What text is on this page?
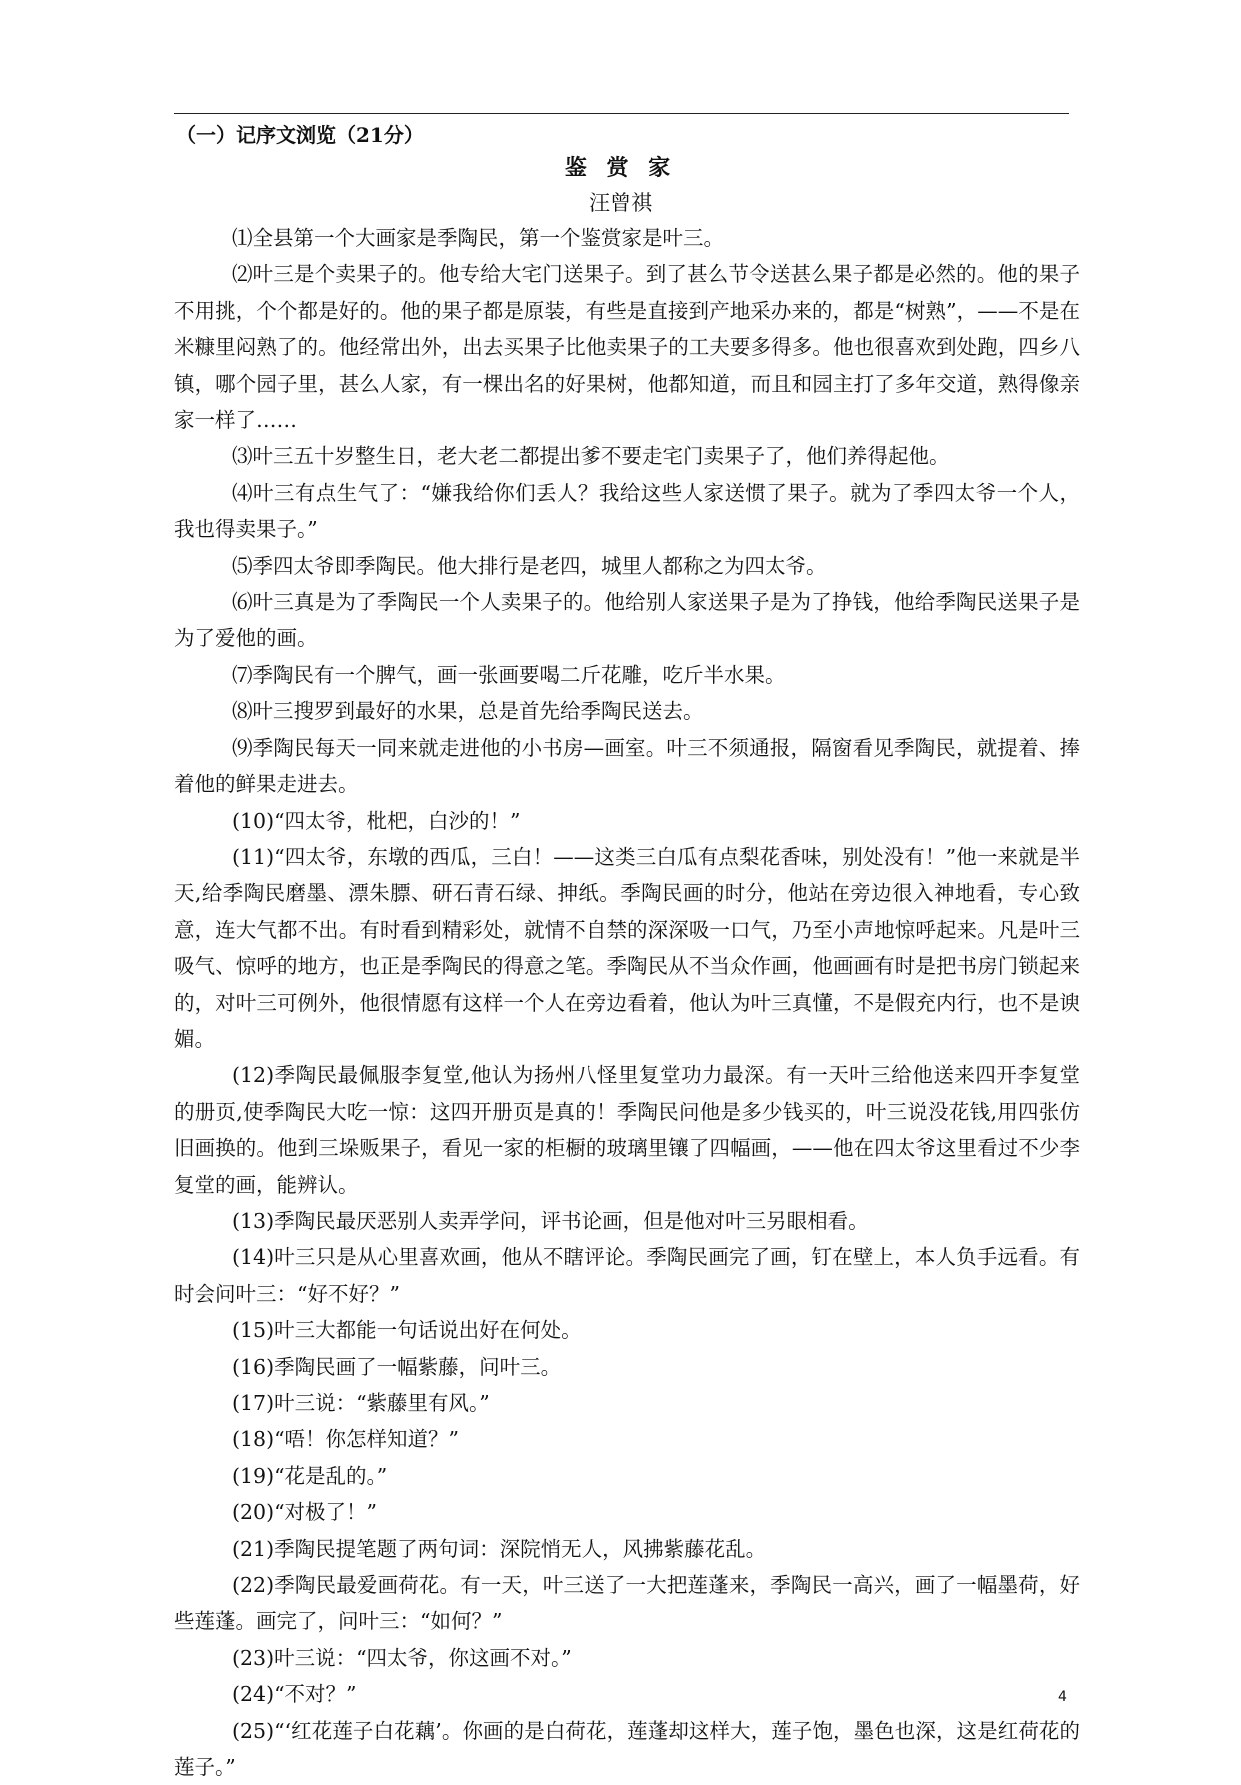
（一）记序文浏览（21分）
鉴 赏 家
汪曾祺

⑴全县第一个大画家是季陶民，第一个鉴赏家是叶三。

⑵叶三是个卖果子的。他专给大宅门送果子。到了甚么节令送甚么果子都是必然的。他的果子不用挑，个个都是好的。他的果子都是原装，有些是直接到产地采办来的，都是“树熟”，——不是在米糠里闷熟了的。他经常出外，出去买果子比他卖果子的工夫要多得多。他也很喜欢到处跑，四乡八镇，哪个园子里，甚么人家，有一棵出名的好果树，他都知道，而且和园主打了多年交道，熟得像亲家一样了……

⑶叶三五十岁整生日，老大老二都提出爹不要走宅门卖果子了，他们养得起他。

⑷叶三有点生气了：“嫌我给你们丢人？我给这些人家送惯了果子。就为了季四太爷一个人，我也得卖果子。”

⑸季四太爷即季陶民。他大排行是老四，城里人都称之为四太爷。

⑹叶三真是为了季陶民一个人卖果子的。他给别人家送果子是为了挣钱，他给季陶民送果子是为了爱他的画。

⑺季陶民有一个脾气，画一张画要喝二斤花雕，吃斤半水果。

⑻叶三搜罗到最好的水果，总是首先给季陶民送去。

⑼季陶民每天一同来就走进他的小书房—画室。叶三不须通报，隔窗看见季陶民，就提着、捧着他的鲜果走进去。

(10)“四太爷，枇杷，白沙的！”

(11)“四太爷，东墩的西瓜，三白！——这类三白瓜有点梨花香味，别处没有！”他一来就是半天,给季陶民磨墨、漂朱膘、研石青石绿、抻纸。季陶民画的时分，他站在旁边很入神地看，专心致意，连大气都不出。有时看到精彩处，就情不自禁的深深吸一口气，乃至小声地惊呼起来。凡是叶三吸气、惊呼的地方，也正是季陶民的得意之笔。季陶民从不当众作画，他画画有时是把书房门锁起来的，对叶三可例外，他很情愿有这样一个人在旁边看着，他认为叶三真懂，不是假充内行，也不是谀媚。

(12)季陶民最佩服李复堂,他认为扬州八怪里复堂功力最深。有一天叶三给他送来四开李复堂的册页,使季陶民大吃一惊：这四开册页是真的！季陶民问他是多少钱买的，叶三说没花钱,用四张仿旧画换的。他到三垛贩果子，看见一家的柜橱的玻璃里镶了四幅画，——他在四太爷这里看过不少李复堂的画，能辨认。

(13)季陶民最厌恶别人卖弄学问，评书论画，但是他对叶三另眼相看。

(14)叶三只是从心里喜欢画，他从不瞎评论。季陶民画完了画，钉在壁上，本人负手远看。有时会问叶三：“好不好？”

(15)叶三大都能一句话说出好在何处。

(16)季陶民画了一幅紫藤，问叶三。

(17)叶三说：“紫藤里有风。”

(18)“唔！你怎样知道？”

(19)“花是乱的。”

(20)“对极了！”

(21)季陶民提笔题了两句词：深院悄无人，风拂紫藤花乱。

(22)季陶民最爱画荷花。有一天，叶三送了一大把莲蓬来，季陶民一高兴，画了一幅墨荷，好些莲蓬。画完了，问叶三：“如何？”

(23)叶三说：“四太爷，你这画不对。”

(24)“不对？”

(25)“‘红花莲子白花藕’。你画的是白荷花，莲蓬却这样大，莲子饱，墨色也深，这是红荷花的莲子。”

4
